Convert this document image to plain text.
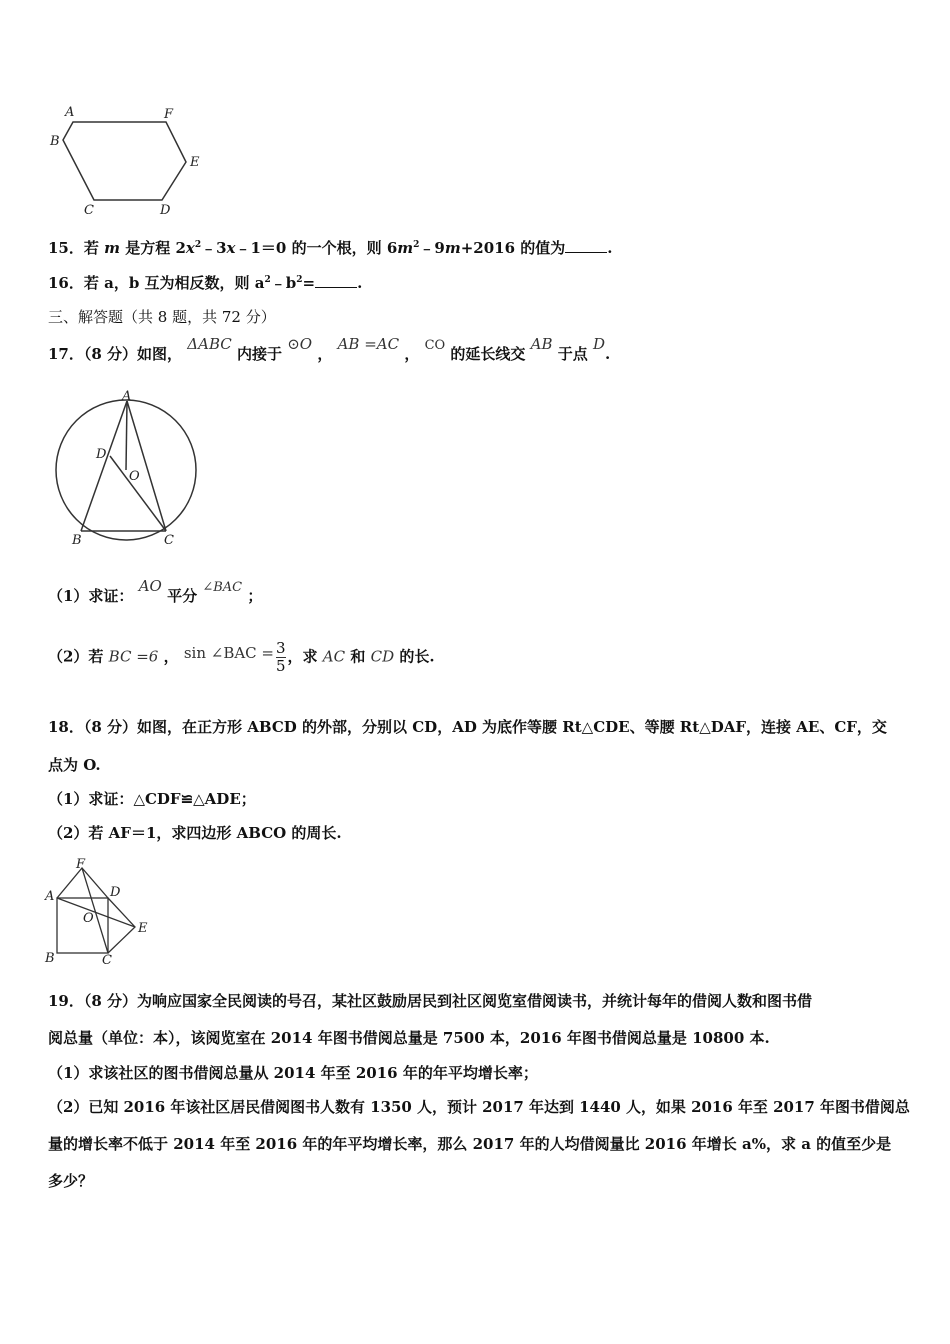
A	F
B
E
C	D
15．若 m 是方程 $2x^2﹣3x﹣1=0$ 的一个根，则 $6m^2﹣9m+2016$ 的值为	.
16．若 a，b 互为相反数，则 $a^2﹣b^2=$	.
三、解答题（共 8 题，共 72 分）
17．（8 分）如图， ΔABC 内接于 ⊙O ， AB =AC ， CO 的延长线交 AB 于点 D.
A
D
O
B	C
（1）求证： AO 平分 ∠BAC ；
（2）若 BC =6 ， sin ∠BAC = $\frac{3}{5}$ ，求 AC 和 CD 的长.
18．（8 分）如图，在正方形 ABCD 的外部，分别以 CD，AD 为底作等腰 Rt△CDE、等腰 Rt△DAF，连接 AE、CF，交
点为 O.
（1）求证：△CDF≌△ADE；
（2）若 AF＝1，求四边形 ABCO 的周长.
F
A	D
O
E
B	C
19．（8 分）为响应国家全民阅读的号召，某社区鼓励居民到社区阅览室借阅读书，并统计每年的借阅人数和图书借
阅总量（单位：本），该阅览室在 2014 年图书借阅总量是 7500 本，2016 年图书借阅总量是 10800 本.
（1）求该社区的图书借阅总量从 2014 年至 2016 年的年平均增长率；
（2）已知 2016 年该社区居民借阅图书人数有 1350 人，预计 2017 年达到 1440 人，如果 2016 年至 2017 年图书借阅总
量的增长率不低于 2014 年至 2016 年的年平均增长率，那么 2017 年的人均借阅量比 2016 年增长 a%，求 a 的值至少是
多少？
